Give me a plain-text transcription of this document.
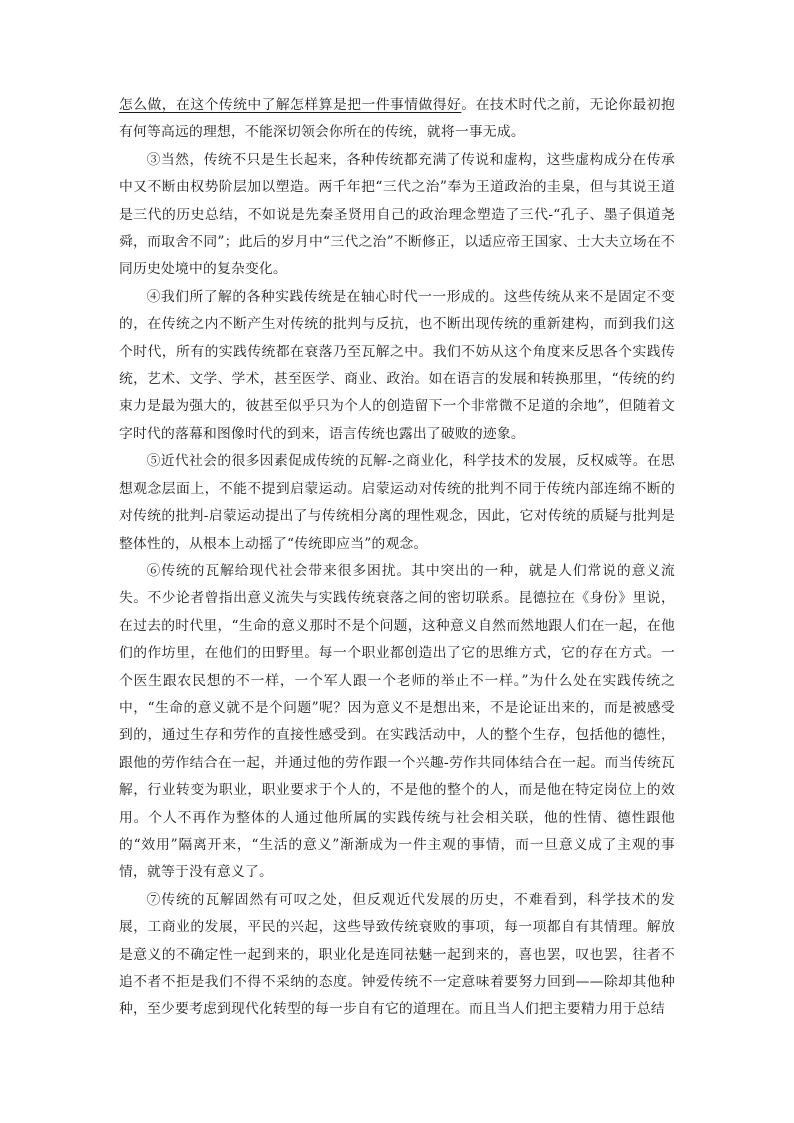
怎么做，在这个传统中了解怎样算是把一件事情做得好。在技术时代之前，无论你最初抱有何等高远的理想，不能深切领会你所在的传统，就将一事无成。

③当然，传统不只是生长起来，各种传统都充满了传说和虚构，这些虚构成分在传承中又不断由权势阶层加以塑造。两千年把“三代之治”奉为王道政治的圭臬，但与其说王道是三代的历史总结，不如说是先秦圣贤用自己的政治理念塑造了三代-“孔子、墨子俱道尧舜，而取舍不同”；此后的岁月中“三代之治”不断修正，以适应帝王国家、士大夫立场在不同历史处境中的复杂变化。

④我们所了解的各种实践传统是在轴心时代一一形成的。这些传统从来不是固定不变的，在传统之内不断产生对传统的批判与反抗，也不断出现传统的重新建构，而到我们这个时代，所有的实践传统都在衰落乃至瓦解之中。我们不妨从这个角度来反思各个实践传统，艺术、文学、学术，甚至医学、商业、政治。如在语言的发展和转换那里，“传统的约束力是最为强大的，彼甚至似乎只为个人的创造留下一个非常微不足道的余地”，但随着文字时代的落幕和图像时代的到来，语言传统也露出了破败的迹象。

⑤近代社会的很多因素促成传统的瓦解-之商业化，科学技术的发展，反权威等。在思想观念层面上，不能不提到启蒙运动。启蒙运动对传统的批判不同于传统内部连绵不断的对传统的批判-启蒙运动提出了与传统相分离的理性观念，因此，它对传统的质疑与批判是整体性的，从根本上动摇了“传统即应当”的观念。

⑥传统的瓦解给现代社会带来很多困扰。其中突出的一种，就是人们常说的意义流失。不少论者曾指出意义流失与实践传统衰落之间的密切联系。昆德拉在《身份》里说，在过去的时代里，“生命的意义那时不是个问题，这种意义自然而然地跟人们在一起，在他们的作坊里，在他们的田野里。每一个职业都创造出了它的思维方式，它的存在方式。一个医生跟农民想的不一样，一个军人跟一个老师的举止不一样。”为什么处在实践传统之中，“生命的意义就不是个问题”呢？因为意义不是想出来，不是论证出来的，而是被感受到的，通过生存和劳作的直接性感受到。在实践活动中，人的整个生存，包括他的德性，跟他的劳作结合在一起，并通过他的劳作跟一个兴趣-劳作共同体结合在一起。而当传统瓦解，行业转变为职业，职业要求于个人的，不是他的整个的人，而是他在特定岗位上的效用。个人不再作为整体的人通过他所属的实践传统与社会相关联，他的性情、德性跟他的“效用”隔离开来，“生活的意义”渐渐成为一件主观的事情，而一旦意义成了主观的事情，就等于没有意义了。

⑦传统的瓦解固然有可叹之处，但反观近代发展的历史，不难看到，科学技术的发展，工商业的发展，平民的兴起，这些导致传统衰败的事项，每一项都自有其情理。解放是意义的不确定性一起到来的，职业化是连同祛魅一起到来的，喜也罢，叹也罢，往者不追不者不拒是我们不得不采纳的态度。钟爱传统不一定意味着要努力回到——除却其他种种，至少要考虑到现代化转型的每一步自有它的道理在。而且当人们把主要精力用于总结
